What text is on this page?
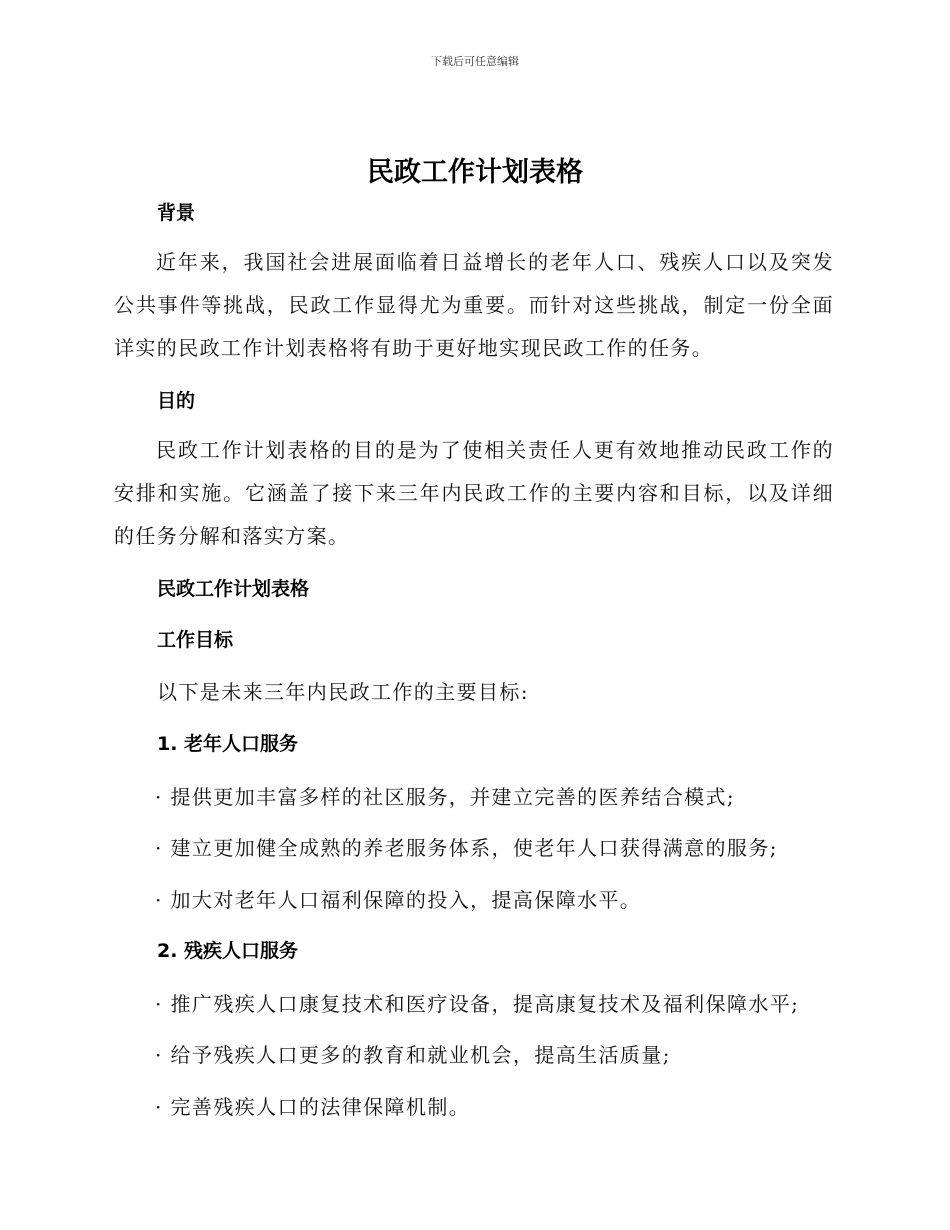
下载后可任意编辑
民政工作计划表格
背景
近年来，我国社会进展面临着日益增长的老年人口、残疾人口以及突发公共事件等挑战，民政工作显得尤为重要。而针对这些挑战，制定一份全面详实的民政工作计划表格将有助于更好地实现民政工作的任务。
目的
民政工作计划表格的目的是为了使相关责任人更有效地推动民政工作的安排和实施。它涵盖了接下来三年内民政工作的主要内容和目标，以及详细的任务分解和落实方案。
民政工作计划表格
工作目标
以下是未来三年内民政工作的主要目标:
1. 老年人口服务
· 提供更加丰富多样的社区服务，并建立完善的医养结合模式;
· 建立更加健全成熟的养老服务体系，使老年人口获得满意的服务;
· 加大对老年人口福利保障的投入，提高保障水平。
2. 残疾人口服务
· 推广残疾人口康复技术和医疗设备，提高康复技术及福利保障水平;
· 给予残疾人口更多的教育和就业机会，提高生活质量;
· 完善残疾人口的法律保障机制。
